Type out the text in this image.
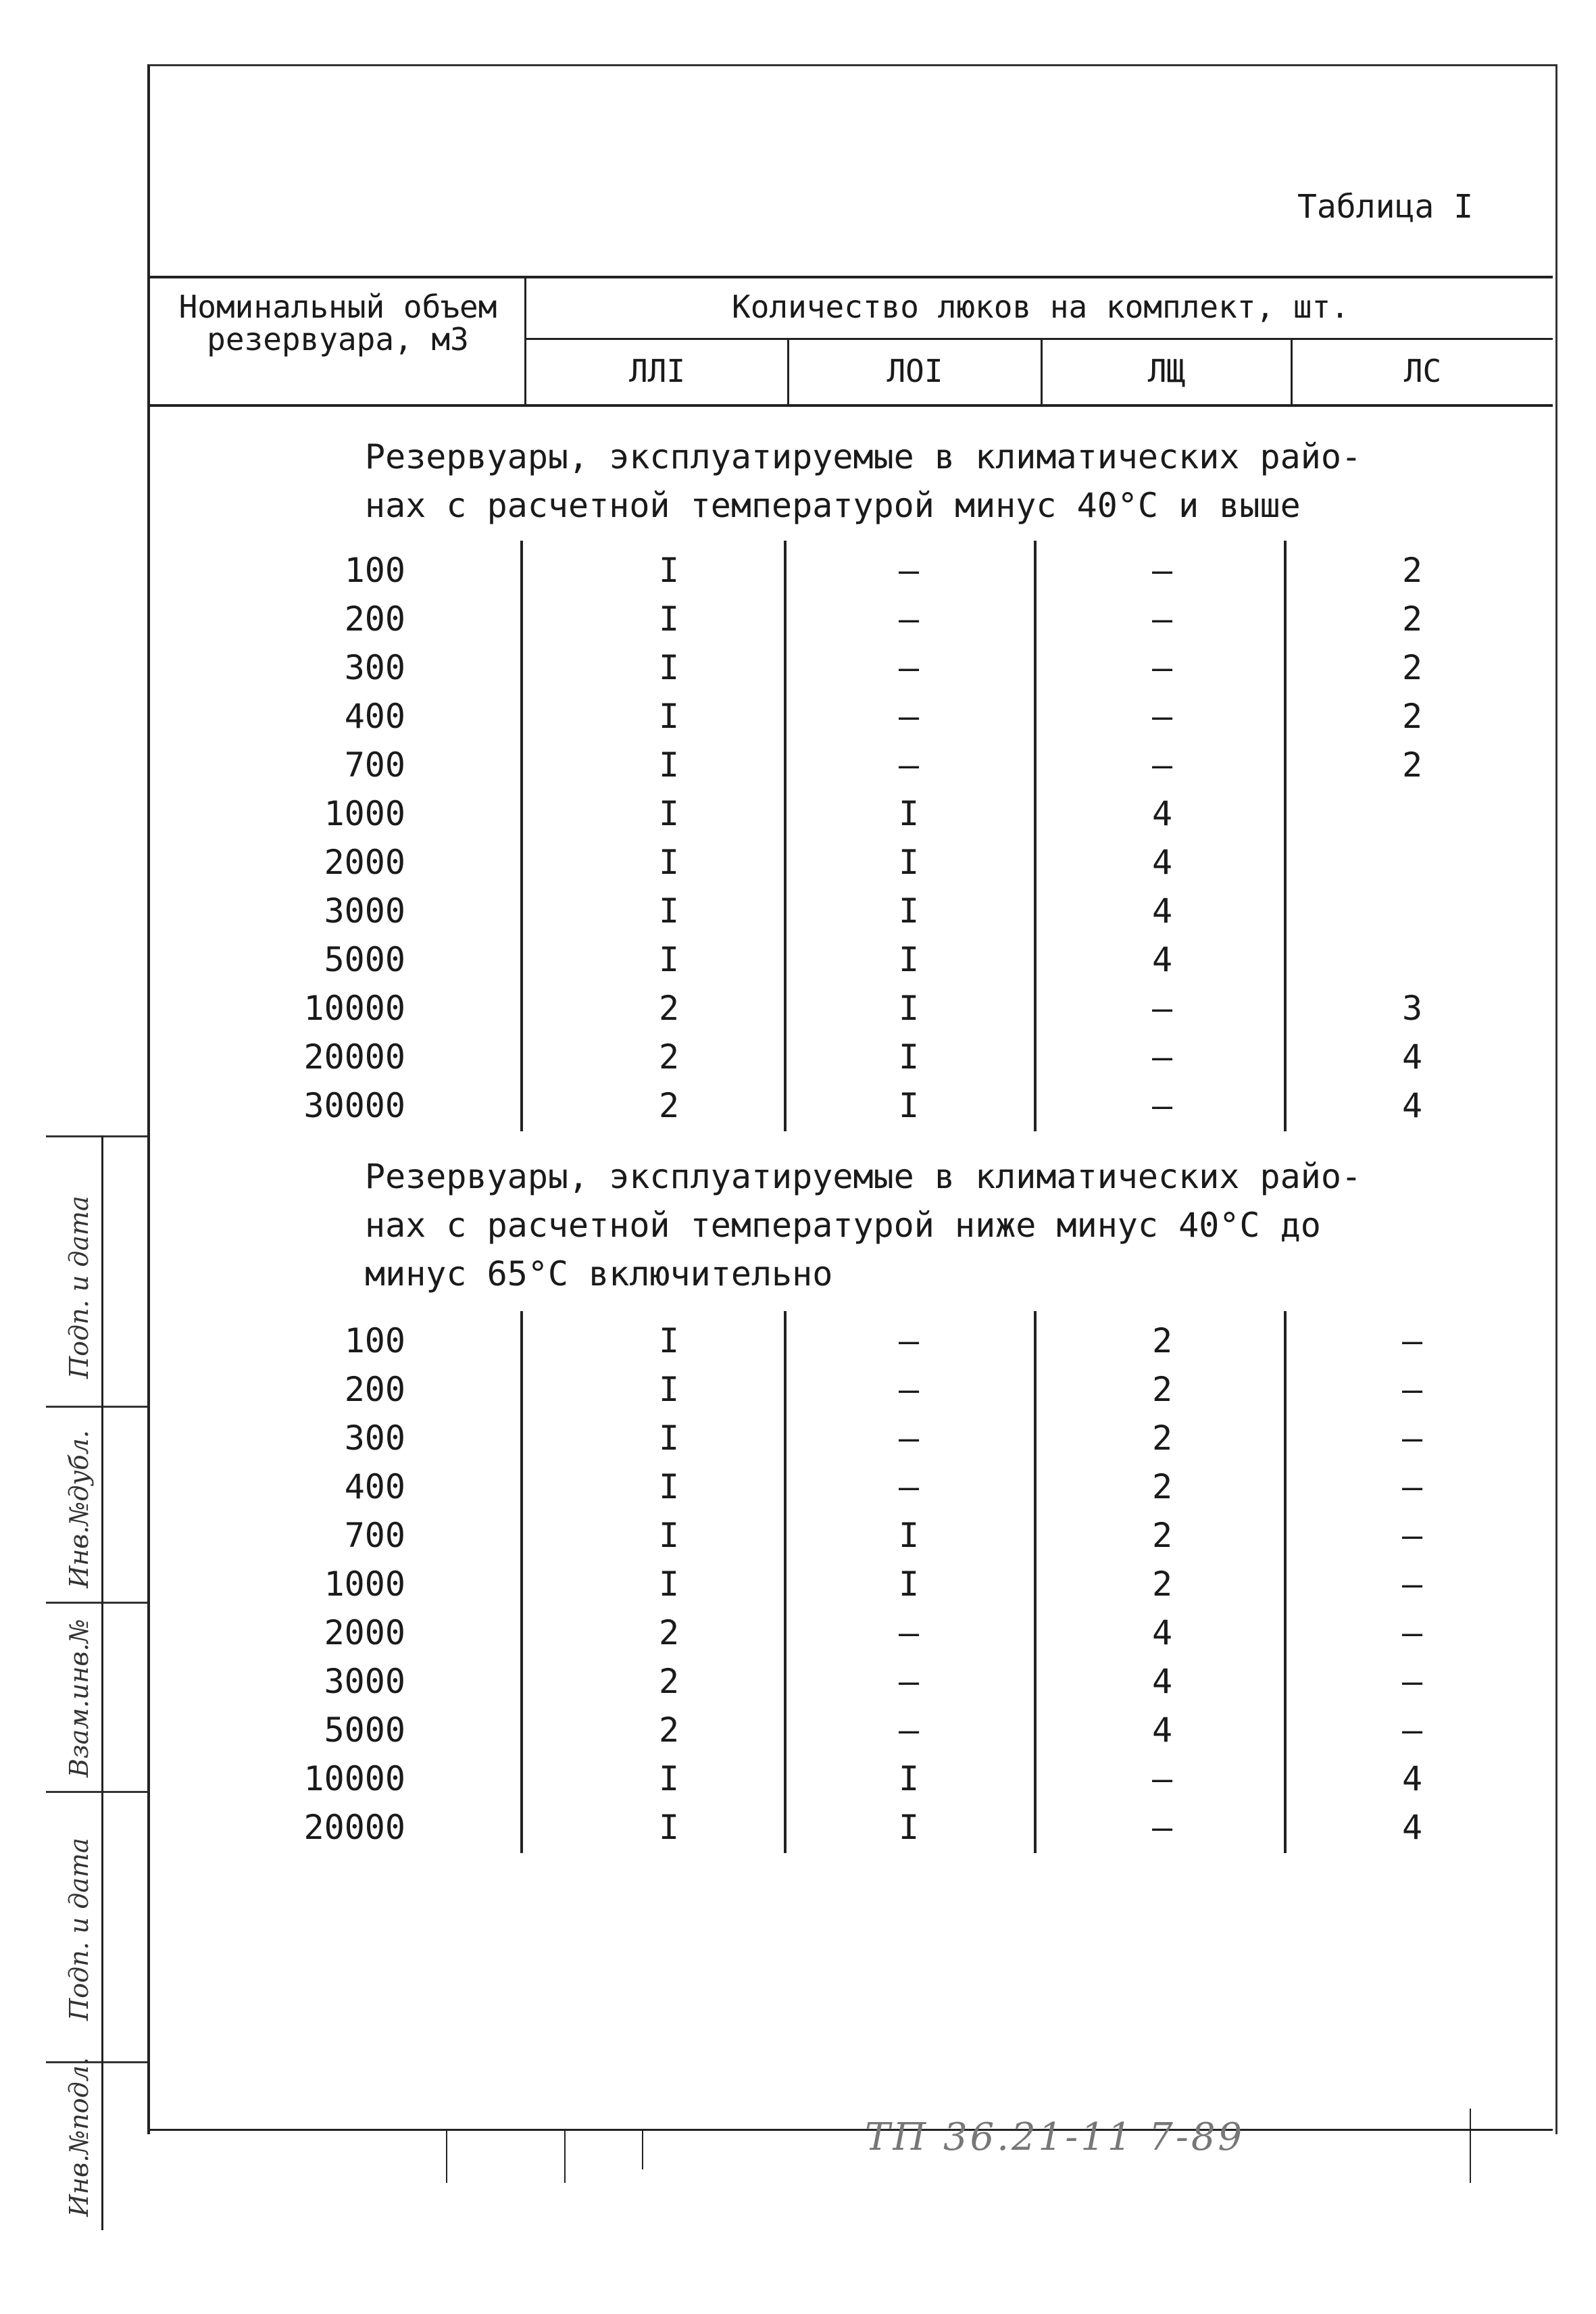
Таблица I
Номинальный объем резервуара, м3
Количество люков на комплект, шт.
ЛЛI	ЛОI	ЛЩ	ЛС
Резервуары, эксплуатируемые в климатических райо-
нах с расчетной температурой минус 40°С и выше
100	I	–	–	2
200	I	–	–	2
300	I	–	–	2
400	I	–	–	2
700	I	–	–	2
1000	I	I	4
2000	I	I	4
3000	I	I	4
5000	I	I	4
10000	2	I	–	3
20000	2	I	–	4
30000	2	I	–	4
Резервуары, эксплуатируемые в климатических райо-
нах с расчетной температурой ниже минус 40°С до
минус 65°С включительно
100	I	–	2	–
200	I	–	2	–
300	I	–	2	–
400	I	–	2	–
700	I	I	2	–
1000	I	I	2	–
2000	2	–	4	–
3000	2	–	4	–
5000	2	–	4	–
10000	I	I	–	4
20000	I	I	–	4
Подп. и дата
Инв.№дубл.
Взам.инв.№
Подп. и дата
Инв.№подл.	ТП 36.21-11 7-89
